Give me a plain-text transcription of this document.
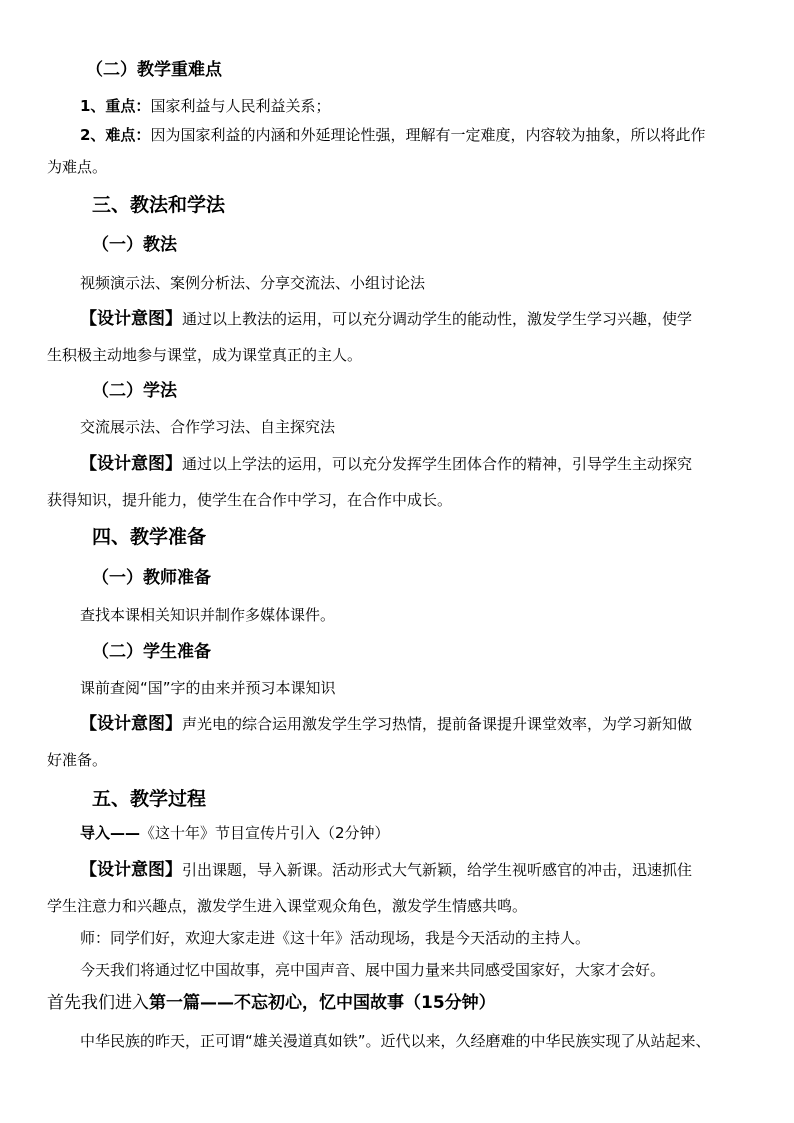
（二）教学重难点
1、重点：国家利益与人民利益关系；
2、难点：因为国家利益的内涵和外延理论性强，理解有一定难度，内容较为抽象，所以将此作
为难点。
三、教法和学法
（一）教法
视频演示法、案例分析法、分享交流法、小组讨论法
【设计意图】通过以上教法的运用，可以充分调动学生的能动性，激发学生学习兴趣，使学
生积极主动地参与课堂，成为课堂真正的主人。
（二）学法
交流展示法、合作学习法、自主探究法
【设计意图】通过以上学法的运用，可以充分发挥学生团体合作的精神，引导学生主动探究
获得知识，提升能力，使学生在合作中学习，在合作中成长。
四、教学准备
（一）教师准备
查找本课相关知识并制作多媒体课件。
（二）学生准备
课前查阅“国”字的由来并预习本课知识
【设计意图】声光电的综合运用激发学生学习热情，提前备课提升课堂效率，为学习新知做
好准备。
五、教学过程
导入——《这十年》节目宣传片引入（2分钟）
【设计意图】引出课题，导入新课。活动形式大气新颖，给学生视听感官的冲击，迅速抓住
学生注意力和兴趣点，激发学生进入课堂观众角色，激发学生情感共鸣。
师：同学们好，欢迎大家走进《这十年》活动现场，我是今天活动的主持人。
今天我们将通过忆中国故事，亮中国声音、展中国力量来共同感受国家好，大家才会好。
首先我们进入第一篇——不忘初心，忆中国故事（15分钟）
中华民族的昨天，正可谓“雄关漫道真如铁”。近代以来，久经磨难的中华民族实现了从站起来、
